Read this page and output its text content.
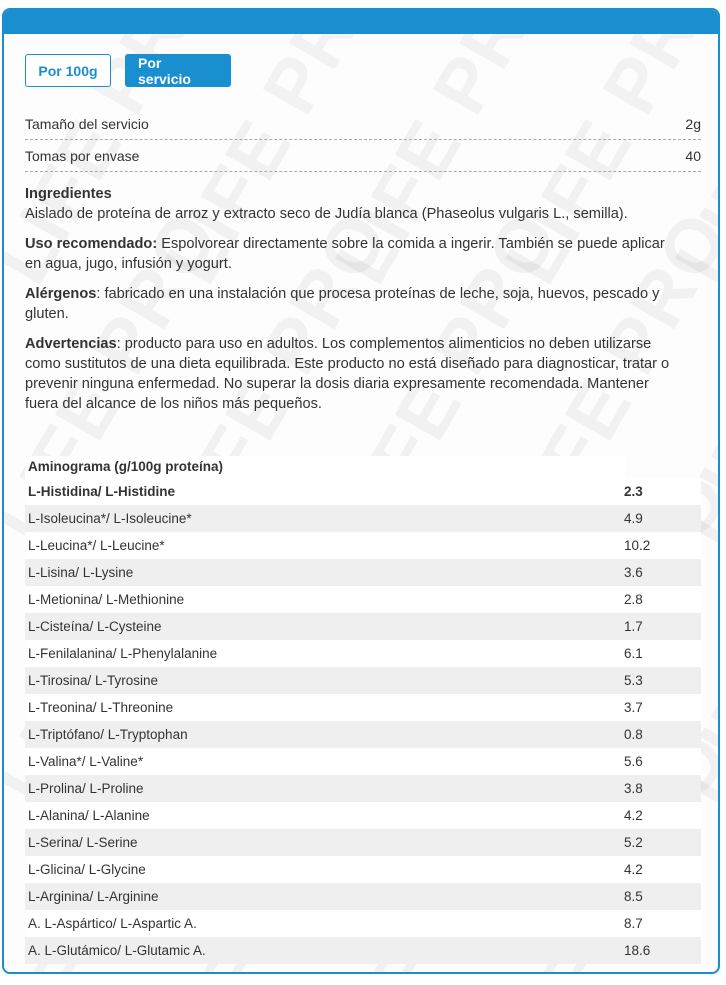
Por 100g	Por servicio
Tamaño del servicio	2g
Tomas por envase	40

Ingredientes

Aislado de proteína de arroz y extracto seco de Judía blanca (Phaseolus vulgaris L., semilla).

Uso recomendado: Espolvorear directamente sobre la comida a ingerir. También se puede aplicar en agua, jugo, infusión y yogurt.

Alérgenos: fabricado en una instalación que procesa proteínas de leche, soja, huevos, pescado y gluten.

Advertencias: producto para uso en adultos. Los complementos alimenticios no deben utilizarse como sustitutos de una dieta equilibrada. Este producto no está diseñado para diagnosticar, tratar o prevenir ninguna enfermedad. No superar la dosis diaria expresamente recomendada. Mantener fuera del alcance de los niños más pequeños.

Aminograma (g/100g proteína)
L-Histidina/ L-Histidine	2.3
L-Isoleucina*/ L-Isoleucine*	4.9
L-Leucina*/ L-Leucine*	10.2
L-Lisina/ L-Lysine	3.6
L-Metionina/ L-Methionine	2.8
L-Cisteína/ L-Cysteine	1.7
L-Fenilalanina/ L-Phenylalanine	6.1
L-Tirosina/ L-Tyrosine	5.3
L-Treonina/ L-Threonine	3.7
L-Triptófano/ L-Tryptophan	0.8
L-Valina*/ L-Valine*	5.6
L-Prolina/ L-Proline	3.8
L-Alanina/ L-Alanine	4.2
L-Serina/ L-Serine	5.2
L-Glicina/ L-Glycine	4.2
L-Arginina/ L-Arginine	8.5
A. L-Aspártico/ L-Aspartic A.	8.7
A. L-Glutámico/ L-Glutamic A.	18.6
